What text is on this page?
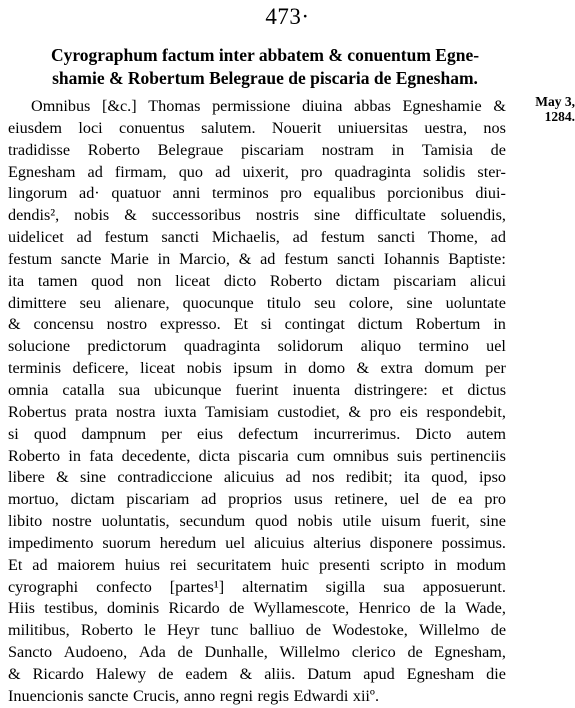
473·
Cyrographum factum inter abbatem & conuentum Egne-
shamie & Robertum Belegraue de piscaria de Egnesham.
May 3,
1284.
Omnibus [&c.] Thomas permissione diuina abbas Egneshamie &
eiusdem loci conuentus salutem. Nouerit uniuersitas uestra, nos
tradidisse Roberto Belegraue piscariam nostram in Tamisia de
Egnesham ad firmam, quo ad uixerit, pro quadraginta solidis ster-
lingorum ad· quatuor anni terminos pro equalibus porcionibus diui-
dendis², nobis & successoribus nostris sine difficultate soluendis,
uidelicet ad festum sancti Michaelis, ad festum sancti Thome, ad
festum sancte Marie in Marcio, & ad festum sancti Iohannis Baptiste:
ita tamen quod non liceat dicto Roberto dictam piscariam alicui
dimittere seu alienare, quocunque titulo seu colore, sine uoluntate
& concensu nostro expresso. Et si contingat dictum Robertum in
solucione predictorum quadraginta solidorum aliquo termino uel
terminis deficere, liceat nobis ipsum in domo & extra domum per
omnia catalla sua ubicunque fuerint inuenta distringere: et dictus
Robertus prata nostra iuxta Tamisiam custodiet, & pro eis respondebit,
si quod dampnum per eius defectum incurrerimus. Dicto autem
Roberto in fata decedente, dicta piscaria cum omnibus suis pertinenciis
libere & sine contradiccione alicuius ad nos redibit; ita quod, ipso
mortuo, dictam piscariam ad proprios usus retinere, uel de ea pro
libito nostre uoluntatis, secundum quod nobis utile uisum fuerit, sine
impedimento suorum heredum uel alicuius alterius disponere possimus.
Et ad maiorem huius rei securitatem huic presenti scripto in modum
cyrographi confecto [partes¹] alternatim sigilla sua apposuerunt.
Hiis testibus, dominis Ricardo de Wyllamescote, Henrico de la Wade,
militibus, Roberto le Heyr tunc balliuo de Wodestoke, Willelmo de
Sancto Audoeno, Ada de Dunhalle, Willelmo clerico de Egnesham,
& Ricardo Halewy de eadem & aliis. Datum apud Egnesham die
Inuencionis sancte Crucis, anno regni regis Edwardi xiiº.
